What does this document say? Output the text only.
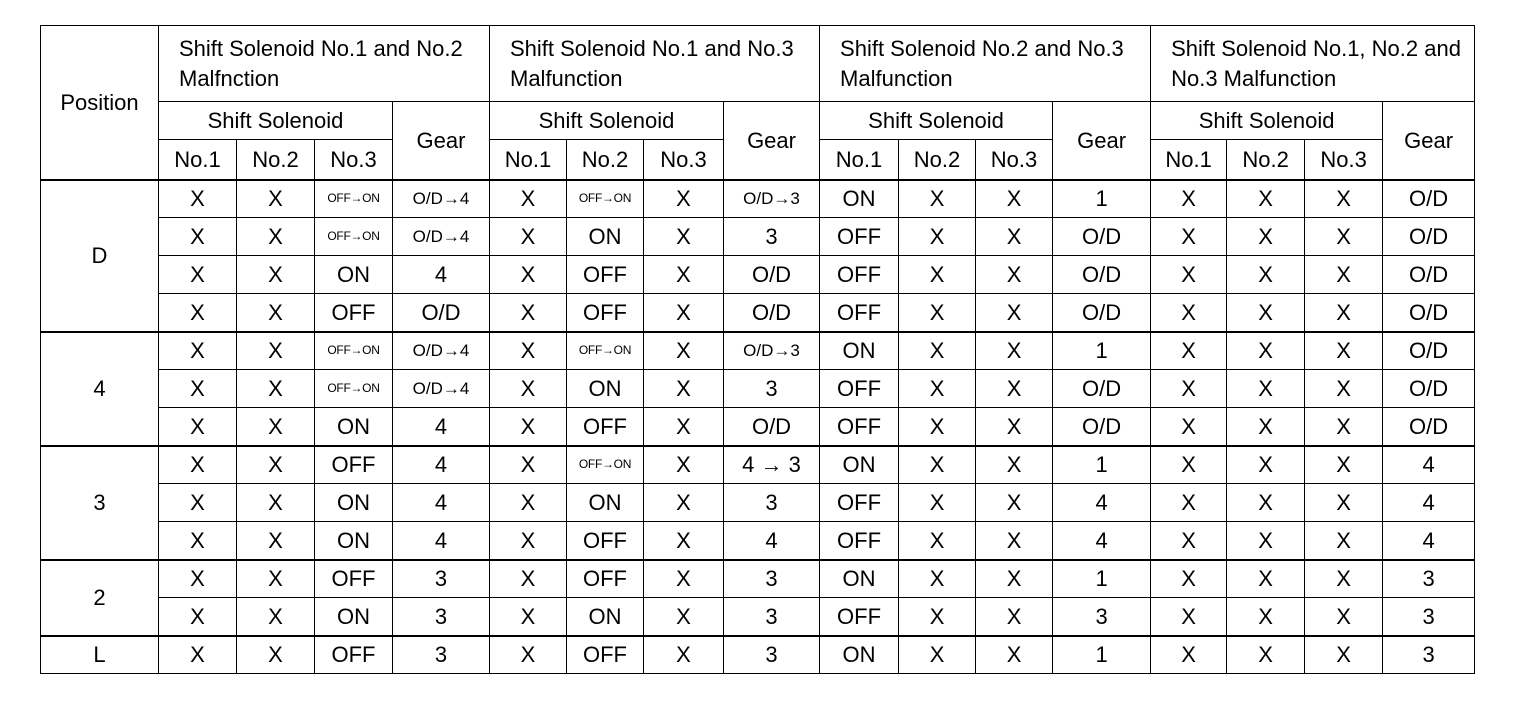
Position	Shift Solenoid No.1 and No.2 Malfnction				Shift Solenoid No.1 and No.3 Malfunction				Shift Solenoid No.2 and No.3 Malfunction				Shift Solenoid No.1, No.2 and No.3 Malfunction			
	Shift Solenoid			Gear	Shift Solenoid			Gear	Shift Solenoid			Gear	Shift Solenoid			Gear
	No.1	No.2	No.3		No.1	No.2	No.3		No.1	No.2	No.3		No.1	No.2	No.3	
D	X	X	OFF→ON	O/D→4	X	OFF→ON	X	O/D→3	ON	X	X	1	X	X	X	O/D
	X	X	OFF→ON	O/D→4	X	ON	X	3	OFF	X	X	O/D	X	X	X	O/D
	X	X	ON	4	X	OFF	X	O/D	OFF	X	X	O/D	X	X	X	O/D
	X	X	OFF	O/D	X	OFF	X	O/D	OFF	X	X	O/D	X	X	X	O/D
4	X	X	OFF→ON	O/D→4	X	OFF→ON	X	O/D→3	ON	X	X	1	X	X	X	O/D
	X	X	OFF→ON	O/D→4	X	ON	X	3	OFF	X	X	O/D	X	X	X	O/D
	X	X	ON	4	X	OFF	X	O/D	OFF	X	X	O/D	X	X	X	O/D
3	X	X	OFF	4	X	OFF→ON	X	4 → 3	ON	X	X	1	X	X	X	4
	X	X	ON	4	X	ON	X	3	OFF	X	X	4	X	X	X	4
	X	X	ON	4	X	OFF	X	4	OFF	X	X	4	X	X	X	4
2	X	X	OFF	3	X	OFF	X	3	ON	X	X	1	X	X	X	3
	X	X	ON	3	X	ON	X	3	OFF	X	X	3	X	X	X	3
L	X	X	OFF	3	X	OFF	X	3	ON	X	X	1	X	X	X	3
